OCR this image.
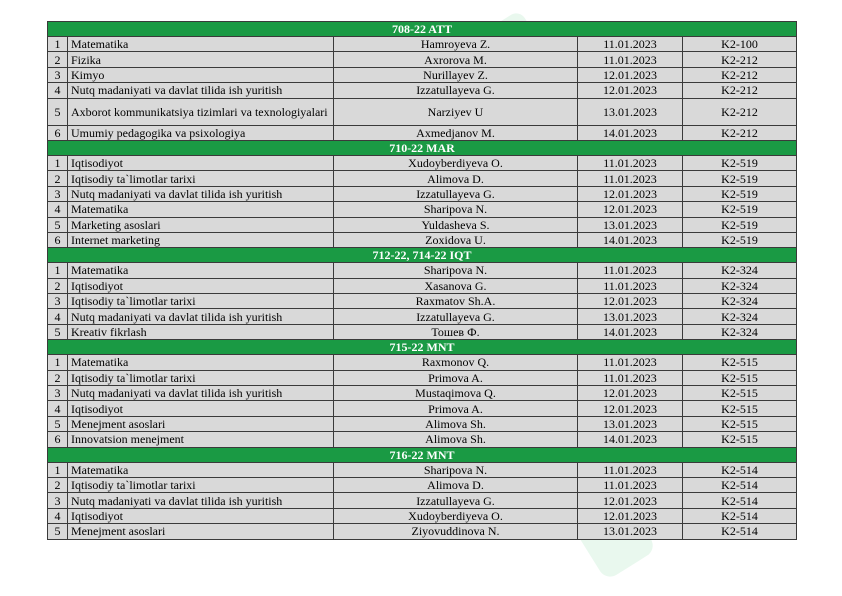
708-22 ATT				
1	Matematika	Hamroyeva Z.	11.01.2023	K2-100
2	Fizika	Axrorova M.	11.01.2023	K2-212
3	Kimyo	Nurillayev Z.	12.01.2023	K2-212
4	Nutq madaniyati va davlat tilida ish yuritish	Izzatullayeva G.	12.01.2023	K2-212
5	Axborot kommunikatsiya tizimlari va texnologiyalari	Narziyev U	13.01.2023	K2-212
6	Umumiy pedagogika va psixologiya	Axmedjanov M.	14.01.2023	K2-212
710-22 MAR				
1	Iqtisodiyot	Xudoyberdiyeva O.	11.01.2023	K2-519
2	Iqtisodiy ta`limotlar tarixi	Alimova D.	11.01.2023	K2-519
3	Nutq madaniyati va davlat tilida ish yuritish	Izzatullayeva G.	12.01.2023	K2-519
4	Matematika	Sharipova N.	12.01.2023	K2-519
5	Marketing asoslari	Yuldasheva S.	13.01.2023	K2-519
6	Internet marketing	Zoxidova U.	14.01.2023	K2-519
712-22, 714-22 IQT				
1	Matematika	Sharipova N.	11.01.2023	K2-324
2	Iqtisodiyot	Xasanova G.	11.01.2023	K2-324
3	Iqtisodiy ta`limotlar tarixi	Raxmatov Sh.A.	12.01.2023	K2-324
4	Nutq madaniyati va davlat tilida ish yuritish	Izzatullayeva G.	13.01.2023	K2-324
5	Kreativ fikrlash	Тошев Ф.	14.01.2023	K2-324
715-22 MNT				
1	Matematika	Raxmonov Q.	11.01.2023	K2-515
2	Iqtisodiy ta`limotlar tarixi	Primova A.	11.01.2023	K2-515
3	Nutq madaniyati va davlat tilida ish yuritish	Mustaqimova Q.	12.01.2023	K2-515
4	Iqtisodiyot	Primova A.	12.01.2023	K2-515
5	Menejment asoslari	Alimova Sh.	13.01.2023	K2-515
6	Innovatsion menejment	Alimova Sh.	14.01.2023	K2-515
716-22 MNT				
1	Matematika	Sharipova N.	11.01.2023	K2-514
2	Iqtisodiy ta`limotlar tarixi	Alimova D.	11.01.2023	K2-514
3	Nutq madaniyati va davlat tilida ish yuritish	Izzatullayeva G.	12.01.2023	K2-514
4	Iqtisodiyot	Xudoyberdiyeva O.	12.01.2023	K2-514
5	Menejment asoslari	Ziyovuddinova N.	13.01.2023	K2-514
